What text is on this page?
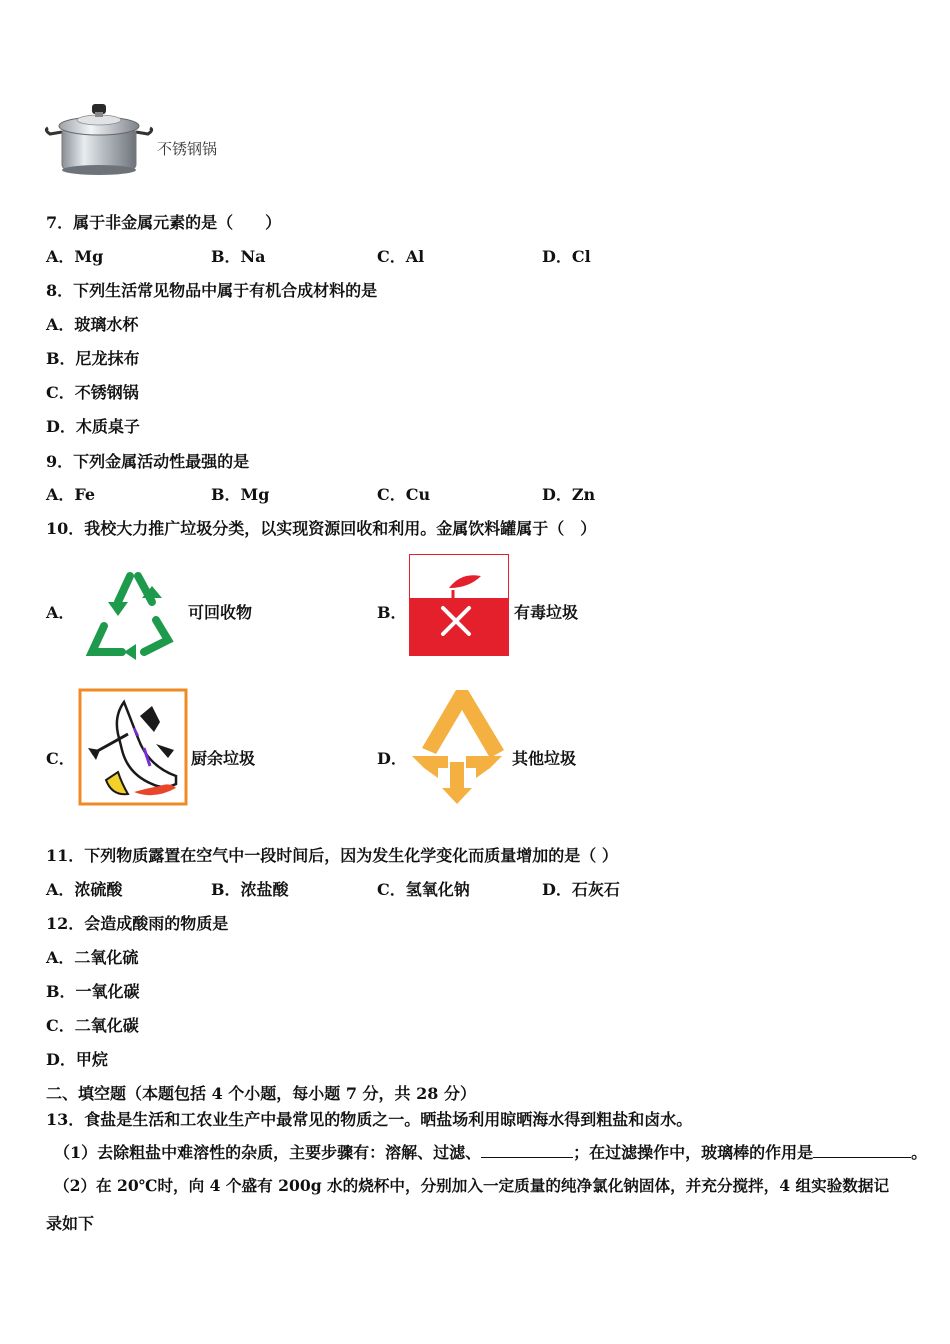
不锈钢锅
7．属于非金属元素的是（　　）
A．Mg	B．Na	C．Al	D．Cl
8．下列生活常见物品中属于有机合成材料的是
A．玻璃水杯
B．尼龙抹布
C．不锈钢锅
D．木质桌子
9．下列金属活动性最强的是
A．Fe	B．Mg	C．Cu	D．Zn
10．我校大力推广垃圾分类，以实现资源回收和利用。金属饮料罐属于（　）
A．	可回收物	B．	有毒垃圾
C．	厨余垃圾	D．	其他垃圾
11．下列物质露置在空气中一段时间后，因为发生化学变化而质量增加的是（ ）
A．浓硫酸	B．浓盐酸	C．氢氧化钠	D．石灰石
12．会造成酸雨的物质是
A．二氧化硫
B．一氧化碳
C．二氧化碳
D．甲烷
二、填空题（本题包括 4 个小题，每小题 7 分，共 28 分）
13．食盐是生活和工农业生产中最常见的物质之一。晒盐场利用晾晒海水得到粗盐和卤水。
（1）去除粗盐中难溶性的杂质，主要步骤有：溶解、过滤、	；在过滤操作中，玻璃棒的作用是	。
（2）在 20℃时，向 4 个盛有 200g 水的烧杯中，分别加入一定质量的纯净氯化钠固体，并充分搅拌，4 组实验数据记
录如下
